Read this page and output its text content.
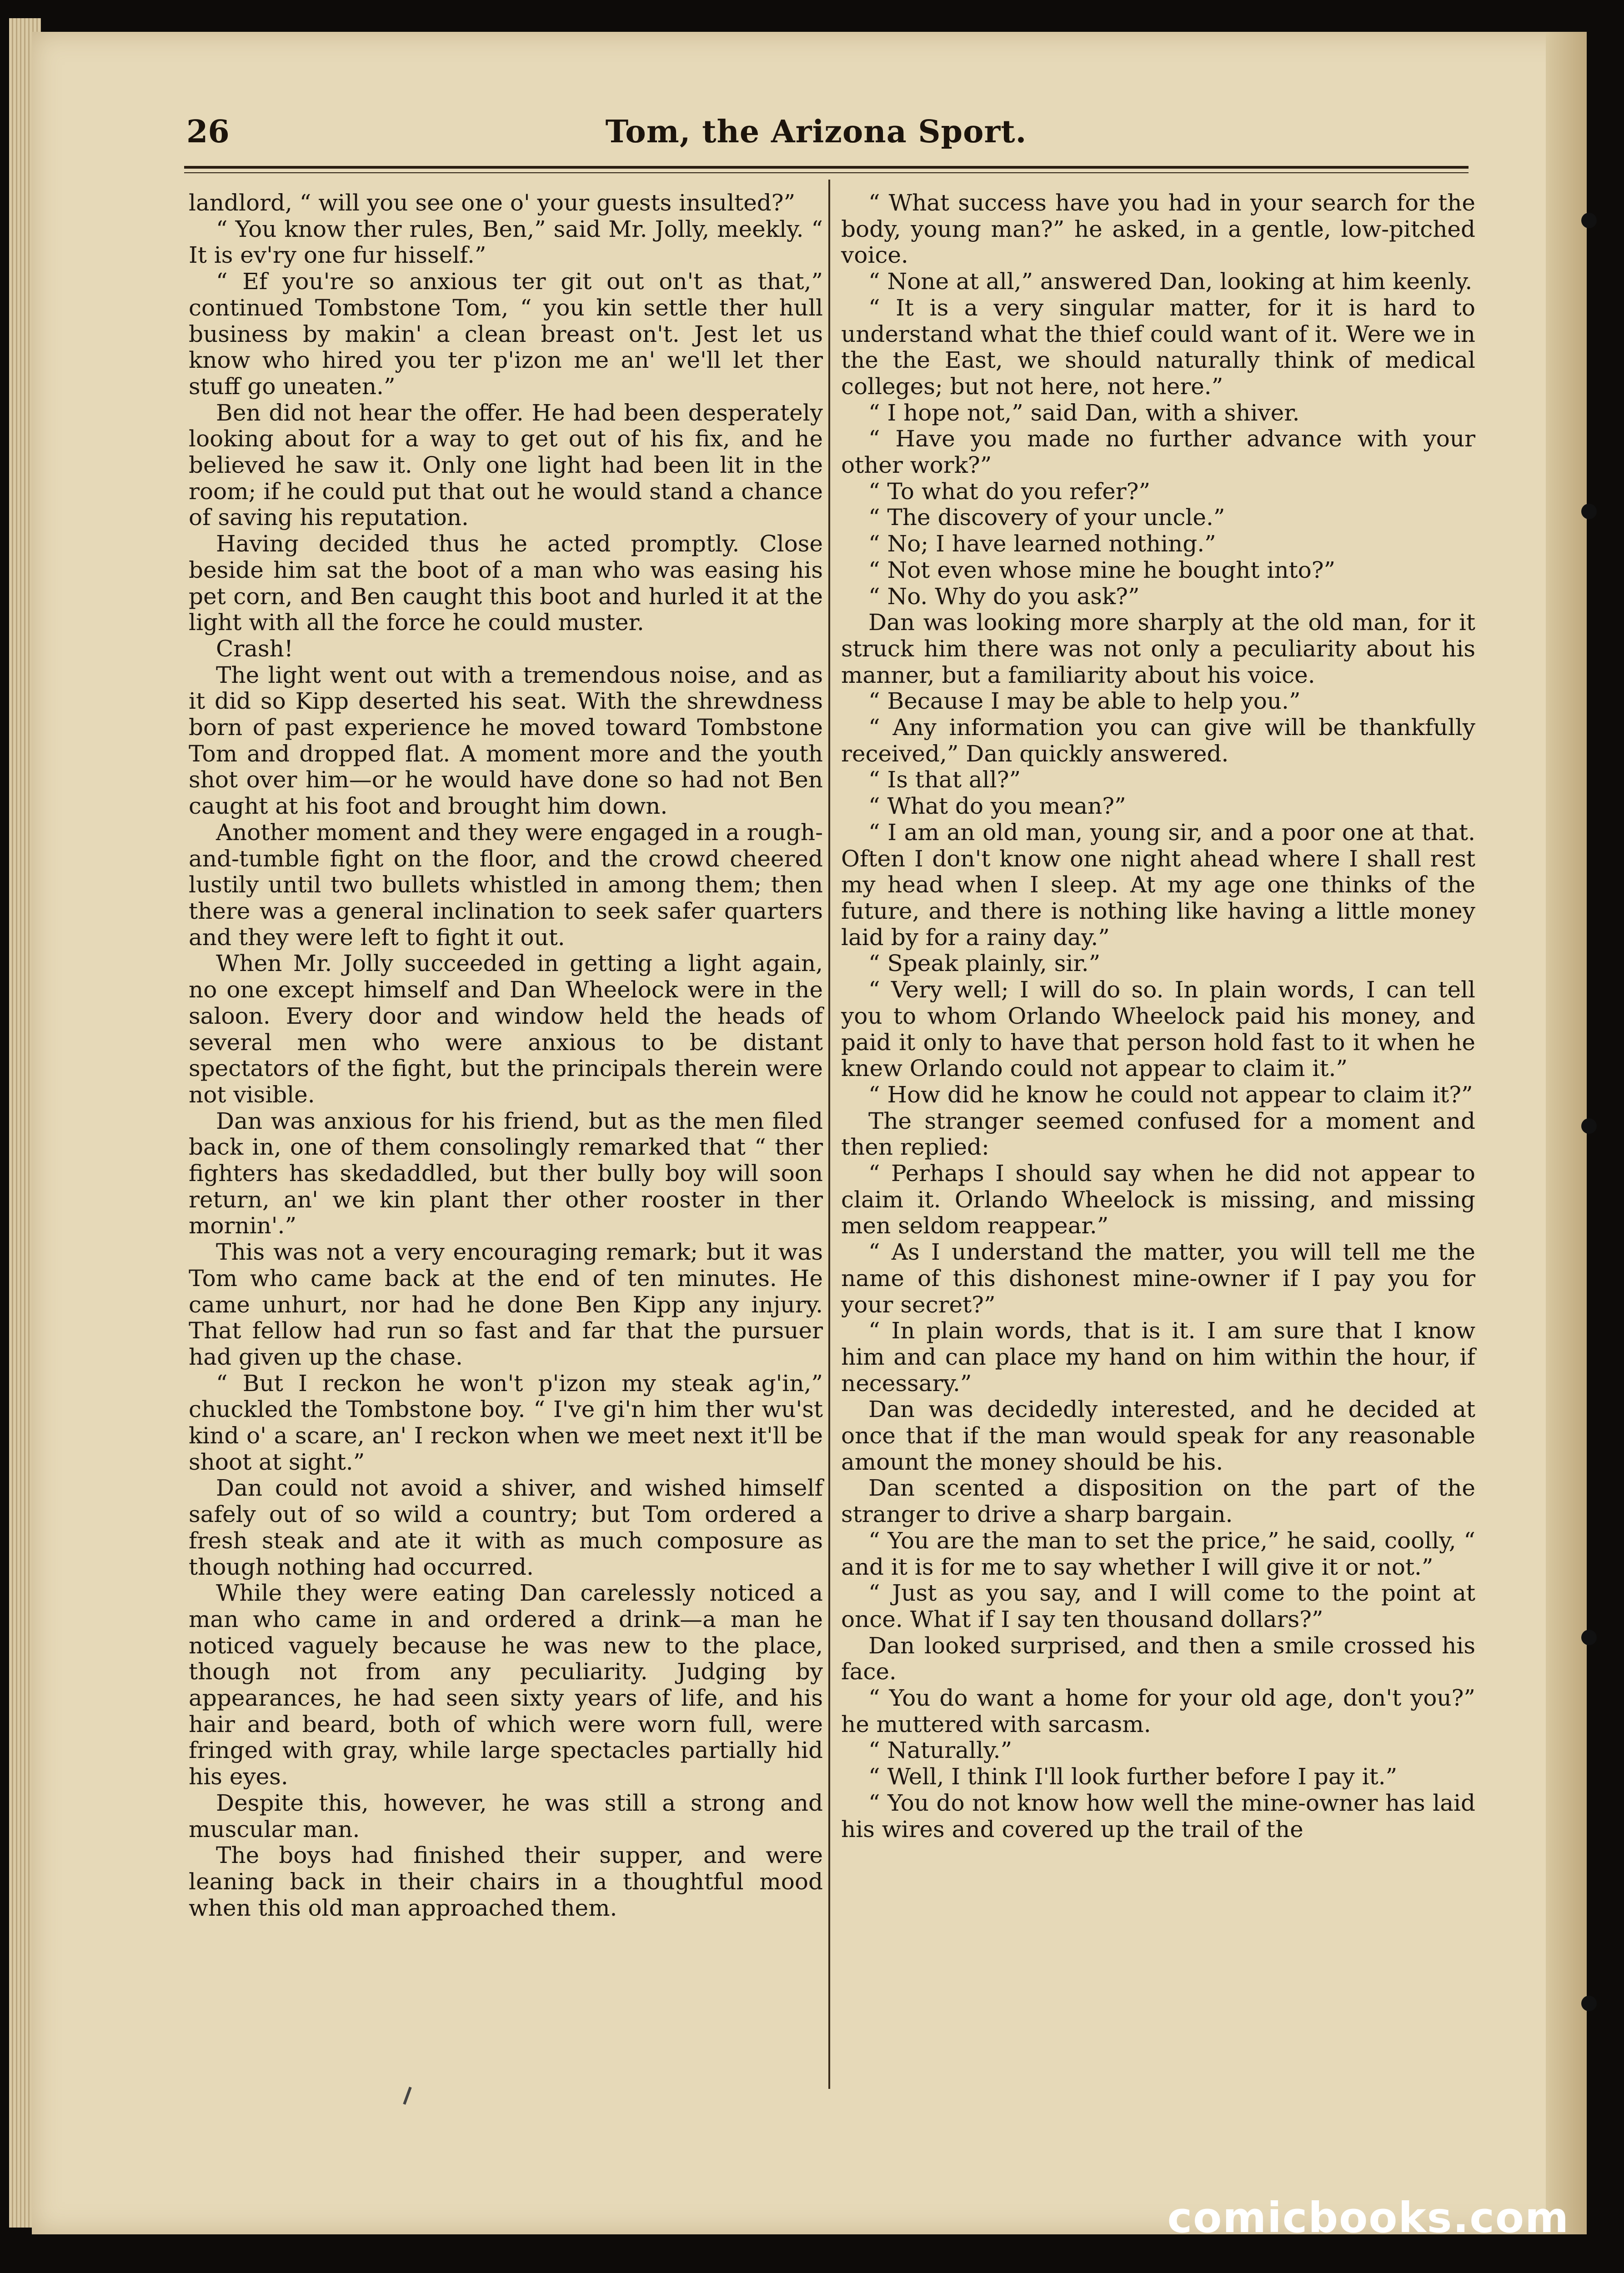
26	Tom, the Arizona Sport.

landlord, “ will you see one o' your guests insulted?”

“ You know ther rules, Ben,” said Mr. Jolly, meekly. “ It is ev'ry one fur hisself.”

“ Ef you're so anxious ter git out on't as that,” continued Tombstone Tom, “ you kin settle ther hull business by makin' a clean breast on't. Jest let us know who hired you ter p'izon me an' we'll let ther stuff go uneaten.”

Ben did not hear the offer. He had been desperately looking about for a way to get out of his fix, and he believed he saw it. Only one light had been lit in the room; if he could put that out he would stand a chance of saving his reputation.

Having decided thus he acted promptly. Close beside him sat the boot of a man who was easing his pet corn, and Ben caught this boot and hurled it at the light with all the force he could muster.

Crash!

The light went out with a tremendous noise, and as it did so Kipp deserted his seat. With the shrewdness born of past experience he moved toward Tombstone Tom and dropped flat. A moment more and the youth shot over him—or he would have done so had not Ben caught at his foot and brought him down.

Another moment and they were engaged in a rough-and-tumble fight on the floor, and the crowd cheered lustily until two bullets whistled in among them; then there was a general inclination to seek safer quarters and they were left to fight it out.

When Mr. Jolly succeeded in getting a light again, no one except himself and Dan Wheelock were in the saloon. Every door and window held the heads of several men who were anxious to be distant spectators of the fight, but the principals therein were not visible.

Dan was anxious for his friend, but as the men filed back in, one of them consolingly remarked that “ ther fighters has skedaddled, but ther bully boy will soon return, an' we kin plant ther other rooster in ther mornin'.”

This was not a very encouraging remark; but it was Tom who came back at the end of ten minutes. He came unhurt, nor had he done Ben Kipp any injury. That fellow had run so fast and far that the pursuer had given up the chase.

“ But I reckon he won't p'izon my steak ag'in,” chuckled the Tombstone boy. “ I've gi'n him ther wu'st kind o' a scare, an' I reckon when we meet next it'll be shoot at sight.”

Dan could not avoid a shiver, and wished himself safely out of so wild a country; but Tom ordered a fresh steak and ate it with as much composure as though nothing had occurred.

While they were eating Dan carelessly noticed a man who came in and ordered a drink—a man he noticed vaguely because he was new to the place, though not from any peculiarity. Judging by appearances, he had seen sixty years of life, and his hair and beard, both of which were worn full, were fringed with gray, while large spectacles partially hid his eyes.

Despite this, however, he was still a strong and muscular man.

The boys had finished their supper, and were leaning back in their chairs in a thoughtful mood when this old man approached them.

“ What success have you had in your search for the body, young man?” he asked, in a gentle, low-pitched voice.

“ None at all,” answered Dan, looking at him keenly.

“ It is a very singular matter, for it is hard to understand what the thief could want of it. Were we in the the East, we should naturally think of medical colleges; but not here, not here.”

“ I hope not,” said Dan, with a shiver.

“ Have you made no further advance with your other work?”

“ To what do you refer?”

“ The discovery of your uncle.”

“ No; I have learned nothing.”

“ Not even whose mine he bought into?”

“ No. Why do you ask?”

Dan was looking more sharply at the old man, for it struck him there was not only a peculiarity about his manner, but a familiarity about his voice.

“ Because I may be able to help you.”

“ Any information you can give will be thankfully received,” Dan quickly answered.

“ Is that all?”

“ What do you mean?”

“ I am an old man, young sir, and a poor one at that. Often I don't know one night ahead where I shall rest my head when I sleep. At my age one thinks of the future, and there is nothing like having a little money laid by for a rainy day.”

“ Speak plainly, sir.”

“ Very well; I will do so. In plain words, I can tell you to whom Orlando Wheelock paid his money, and paid it only to have that person hold fast to it when he knew Orlando could not appear to claim it.”

“ How did he know he could not appear to claim it?”

The stranger seemed confused for a moment and then replied:

“ Perhaps I should say when he did not appear to claim it. Orlando Wheelock is missing, and missing men seldom reappear.”

“ As I understand the matter, you will tell me the name of this dishonest mine-owner if I pay you for your secret?”

“ In plain words, that is it. I am sure that I know him and can place my hand on him within the hour, if necessary.”

Dan was decidedly interested, and he decided at once that if the man would speak for any reasonable amount the money should be his.

Dan scented a disposition on the part of the stranger to drive a sharp bargain.

“ You are the man to set the price,” he said, coolly, “ and it is for me to say whether I will give it or not.”

“ Just as you say, and I will come to the point at once. What if I say ten thousand dollars?”

Dan looked surprised, and then a smile crossed his face.

“ You do want a home for your old age, don't you?” he muttered with sarcasm.

“ Naturally.”

“ Well, I think I'll look further before I pay it.”

“ You do not know how well the mine-owner has laid his wires and covered up the trail of the

comicbooks.com
